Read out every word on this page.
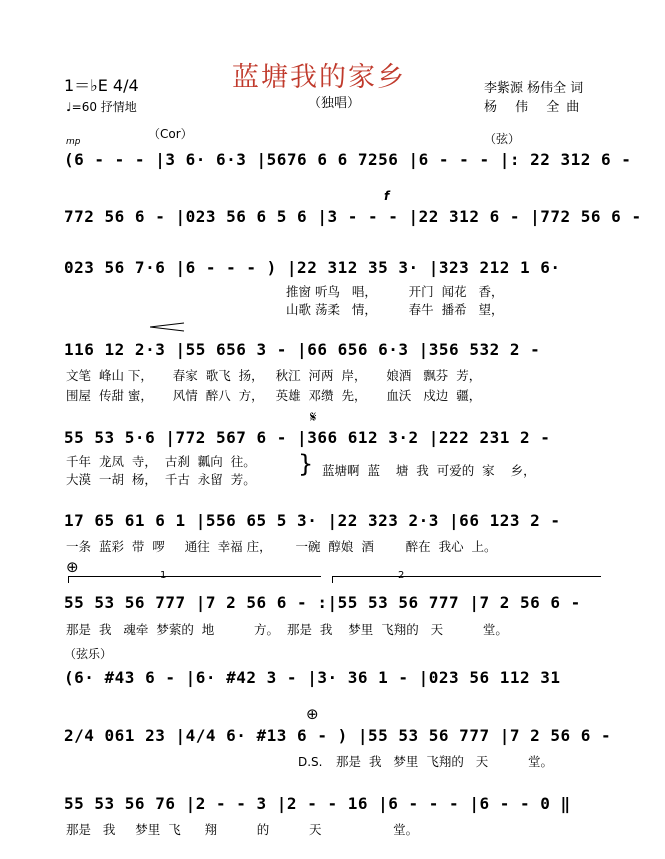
蓝塘我的家乡
（独唱）
1＝♭E 4/4
♩=60 抒情地
李紫源 杨伟全 词
杨 伟 全曲
mp
（Cor）	（弦）
f
𝄋
⊕
⊕
（弦乐）
D.S.
1	2
(6 - - - |3 6· 6·3 |5676 6 6 7256 |6 - - - |: 22 312 6 -
772 56 6 - |023 56 6 5 6 |3 - - - |22 312 6 - |772 56 6 -
023 56 7·6 |6 - - - ) |22 312 35 3· |323 212 1 6·
推窗 听鸟   唱，        开门  闻花   香，
山歌 荡柔   情，        春牛  播希   望，
116 12 2·3 |55 656 3 - |66 656 6·3 |356 532 2 -
文笔  峰山 下，     春家  歌飞  扬，   秋江  河两  岸，     娘酒   飘芬  芳，
围屋  传甜 蜜，     风情  醉八  方，   英雄  邓缵  先，     血沃   戍边  疆，
55 53 5·6 |772 567 6 - |366 612 3·2 |222 231 2 -
千年  龙凤  寺，  古刹  瓤向  往。
大漠  一胡  杨，  千古  永留  芳。
} 蓝塘啊  蓝    塘  我  可爱的  家    乡，
17 65 61 6 1 |556 65 5 3· |22 323 2·3 |66 123 2 -
一条  蓝彩  带  啰     通往  幸福 庄，      一碗  醇娘  酒        醉在  我心  上。
55 53 56 777 |7 2 56 6 - :|55 53 56 777 |7 2 56 6 -
那是  我   魂牵  梦萦的  地          方。  那是  我    梦里  飞翔的   天          堂。
(6· #43 6 - |6· #42 3 - |3· 36 1 - |023 56 112 31
2/4 061 23 |4/4 6· #13 6 - ) |55 53 56 777 |7 2 56 6 -
那是  我   梦里  飞翔的   天          堂。
55 53 56 76 |2 - - 3 |2 - - 16 |6 - - - |6 - - 0 ‖
那是   我     梦里  飞      翔          的          天                  堂。
